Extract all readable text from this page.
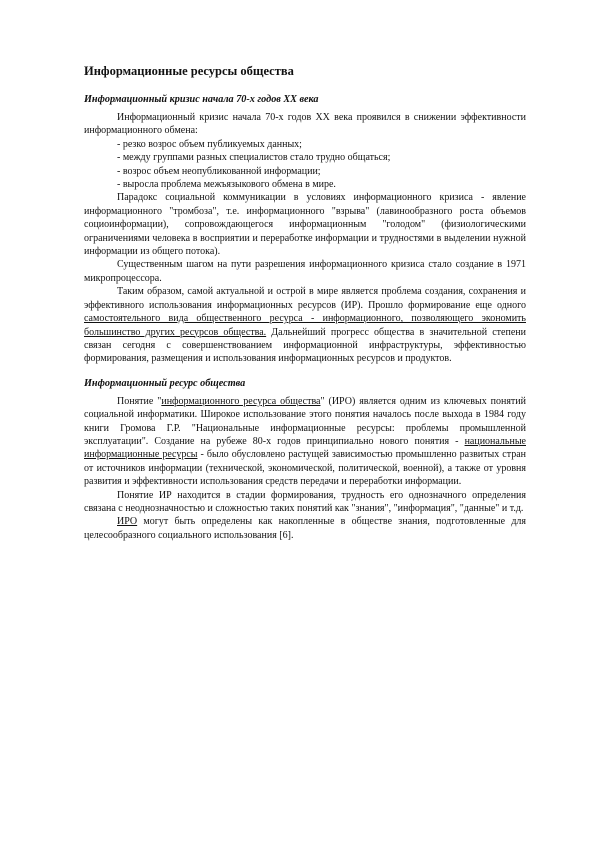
Информационные ресурсы общества
Информационный кризис начала 70-х годов XX века

Информационный кризис начала 70-х годов XX века проявился в снижении эффективности информационного обмена:

- резко возрос объем публикуемых данных;

- между группами разных специалистов стало трудно общаться;

- возрос объем неопубликованной информации;

- выросла проблема межъязыкового обмена в мире.

Парадокс социальной коммуникации в условиях информационного кризиса - явление информационного "тромбоза", т.е. информационного "взрыва" (лавинообразного роста объемов социоинформации), сопровождающегося информационным "голодом" (физиологическими ограничениями человека в восприятии и переработке информации и трудностями в выделении нужной информации из общего потока).

Существенным шагом на пути разрешения информационного кризиса стало создание в 1971 микропроцессора.

Таким образом, самой актуальной и острой в мире является проблема создания, сохранения и эффективного использования информационных ресурсов (ИР). Прошло формирование еще одного самостоятельного вида общественного ресурса - информационного, позволяющего экономить большинство других ресурсов общества. Дальнейший прогресс общества в значительной степени связан сегодня с совершенствованием информационной инфраструктуры, эффективностью формирования, размещения и использования информационных ресурсов и продуктов.

Информационный ресурс общества

Понятие "информационного ресурса общества" (ИРО) является одним из ключевых понятий социальной информатики. Широкое использование этого понятия началось после выхода в 1984 году книги Громова Г.Р. "Национальные информационные ресурсы: проблемы промышленной эксплуатации". Создание на рубеже 80-х годов принципиально нового понятия - национальные информационные ресурсы - было обусловлено растущей зависимостью промышленно развитых стран от источников информации (технической, экономической, политической, военной), а также от уровня развития и эффективности использования средств передачи и переработки информации.

Понятие ИР находится в стадии формирования, трудность его однозначного определения связана с неоднозначностью и сложностью таких понятий как "знания", "информация", "данные" и т.д.

ИРО могут быть определены как накопленные в обществе знания, подготовленные для целесообразного социального использования [6].
